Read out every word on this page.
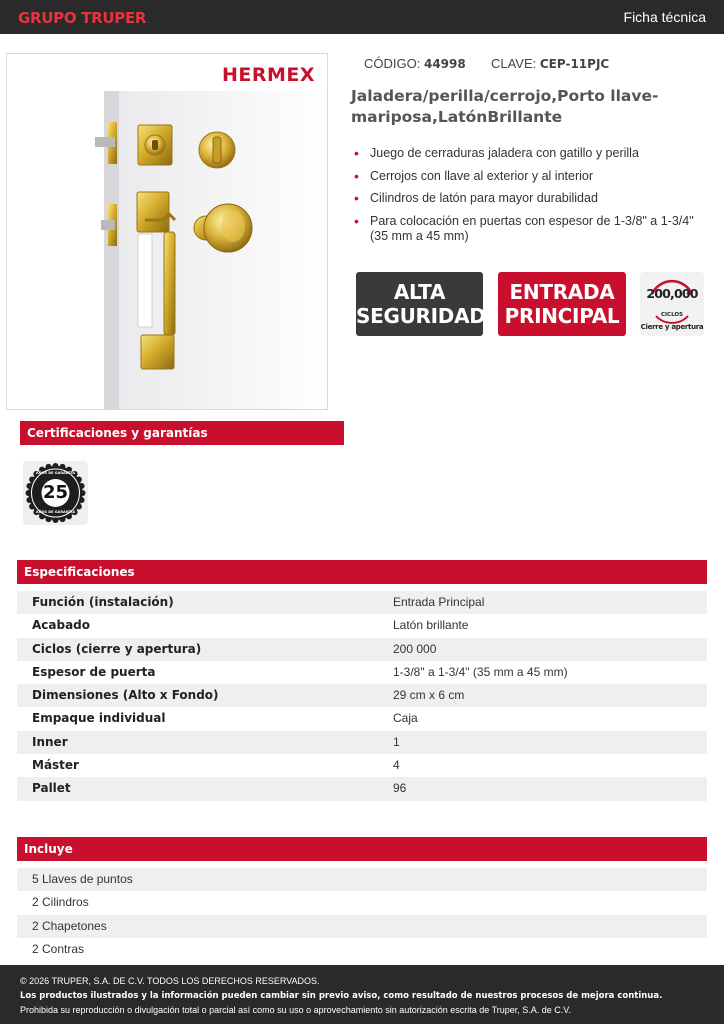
GRUPO TRUPER	Ficha técnica
HERMEX
CÓDIGO: 44998 CLAVE: CEP-11PJC
Jaladera/perilla/cerrojo,Porto llave-
mariposa,LatónBrillante
• Juego de cerraduras jaladera con gatillo y perilla
• Cerrojos con llave al exterior y al interior
• Cilindros de latón para mayor durabilidad
• Para colocación en puertas con espesor de 1-3/8" a 1-3/4" (35 mm a 45 mm)
ALTA
SEGURIDAD
ENTRADA
PRINCIPAL
200,000
CICLOS
Cierre y apertura
Certificaciones y garantías
25
AÑOS DE GARANTÍA
AÑOS DE GARANTÍA
Especificaciones
Función (instalación)	Entrada Principal
Acabado	Latón brillante
Ciclos (cierre y apertura)	200 000
Espesor de puerta	1-3/8" a 1-3/4" (35 mm a 45 mm)
Dimensiones (Alto x Fondo)	29 cm x 6 cm
Empaque individual	Caja
Inner	1
Máster	4
Pallet	96
Incluye
5 Llaves de puntos
2 Cilindros
2 Chapetones
2 Contras

© 2026 TRUPER, S.A. DE C.V. TODOS LOS DERECHOS RESERVADOS.

Los productos ilustrados y la información pueden cambiar sin previo aviso, como resultado de nuestros procesos de mejora continua.

Prohibida su reproducción o divulgación total o parcial así como su uso o aprovechamiento sin autorización escrita de Truper, S.A. de C.V.
